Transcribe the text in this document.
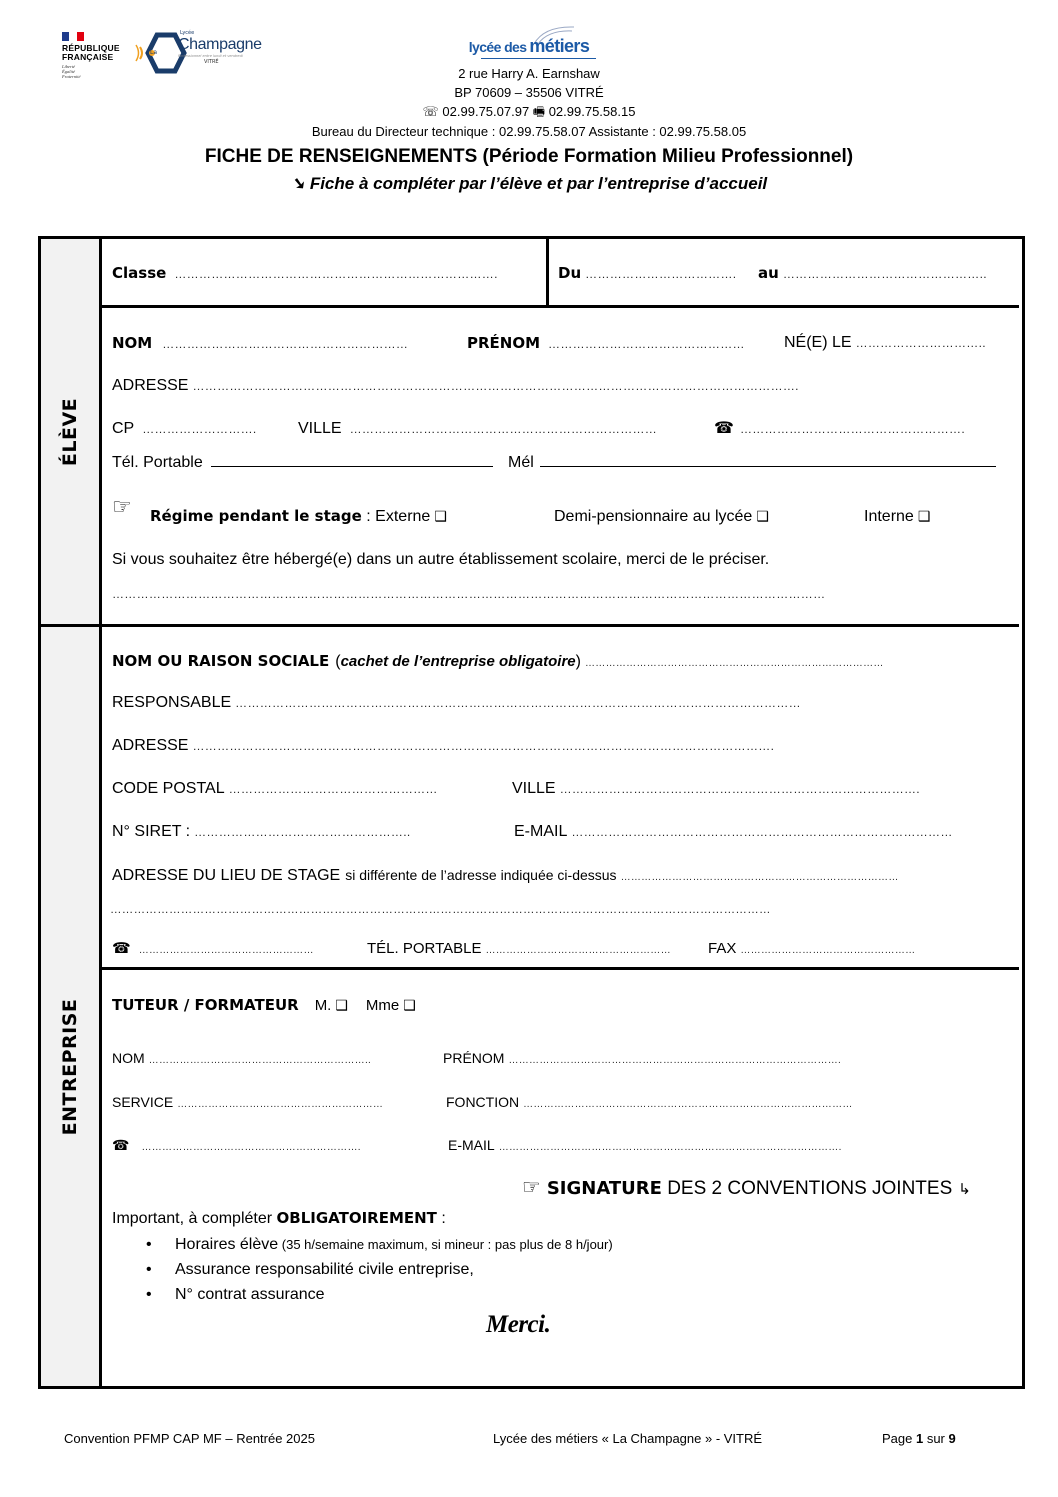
RÉPUBLIQUE
FRANÇAISE
Liberté
Égalité
Fraternité
La
Lycée
Champagne
Professionnel entre lundi et vendredi
VITRÉ
lycée des métiers
2 rue Harry A. Earnshaw
BP 70609 – 35506 VITRÉ
☏ 02.99.75.07.97 🖷 02.99.75.58.15
Bureau du Directeur technique : 02.99.75.58.07 Assistante : 02.99.75.58.05
FICHE DE RENSEIGNEMENTS (Période Formation Milieu Professionnel)
➘ Fiche à compléter par l’élève et par l’entreprise d’accueil
ÉLÈVE
ENTREPRISE
Classe …………………………………………………………………….	Du ……………………………….	au …………………………………………..
NOM ……………………………………………………	PRÉNOM …………………………………………	NÉ(E) LE …………………………..
ADRESSE ………………………………………………………………………………………………………………………………….
CP ……………………….	VILLE …………………………………………………………………	☎ ……………………………………………….
Tél. Portable	Mél
☞ Régime pendant le stage : Externe ❑	Demi-pensionnaire au lycée ❑	Interne ❑
Si vous souhaitez être hébergé(e) dans un autre établissement scolaire, merci de le préciser.
…………………………………………………………………………………………………………………………………………………………
NOM OU RAISON SOCIALE ( cachet de l’entreprise obligatoire ) ……………………………………………………………………………
RESPONSABLE …………………………………………………………………………………………………………………………
ADRESSE …………………………………………………………………………………………………………………………….
CODE POSTAL ……………………………………………	VILLE …………………………………………………………………………….
N° SIRET : ……………………………………………..	E-MAIL …………………………………………………………………………………
ADRESSE DU LIEU DE STAGE si différente de l’adresse indiquée ci-dessus ………………………………………………………………………
……………………………………………………………………………………………………………………………………………………
☎ ……………………………………………	TÉL. PORTABLE ………………………………………………	FAX ……………………………………………
TUTEUR / FORMATEUR M. ❑ Mme ❑
NOM ………………………………………………………..	PRÉNOM …………………………………………………………………………………….
SERVICE ……………………………………………………	FONCTION ……………………………………………………………………………………
☎ ……………………………………………………….	E-MAIL ……………………………………………………………………………………….
☞ SIGNATURE DES 2 CONVENTIONS JOINTES ↳
Important, à compléter OBLIGATOIREMENT :
• Horaires élève (35 h/semaine maximum, si mineur : pas plus de 8 h/jour)
• Assurance responsabilité civile entreprise,
• N° contrat assurance
Merci.
Convention PFMP CAP MF – Rentrée 2025	Lycée des métiers « La Champagne » - VITRÉ	Page 1 sur 9
